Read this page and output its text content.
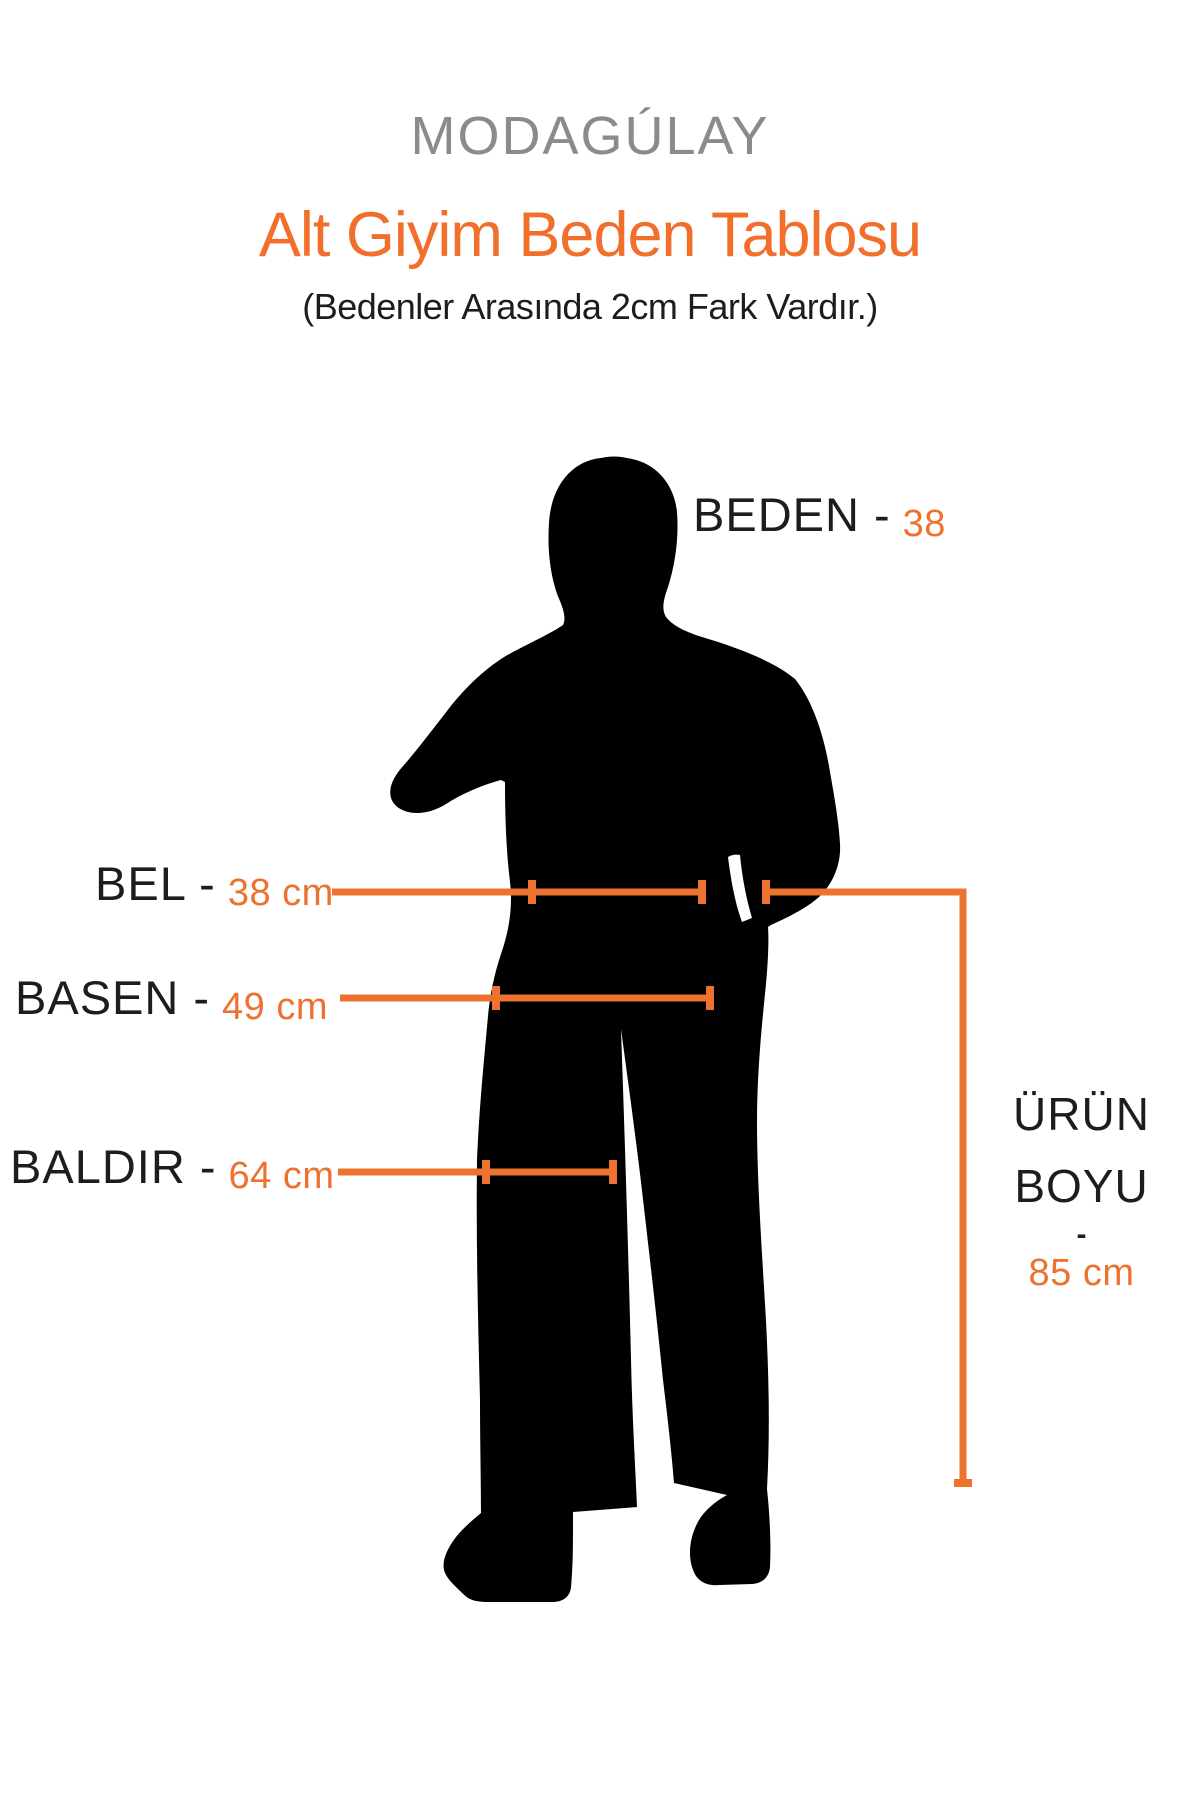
MODAGÚLAY
Alt Giyim Beden Tablosu
(Bedenler Arasında 2cm Fark Vardır.)
BEDEN - 38
BEL - 38 cm
BASEN - 49 cm
BALDIR - 64 cm
ÜRÜN
BOYU
-
85 cm
